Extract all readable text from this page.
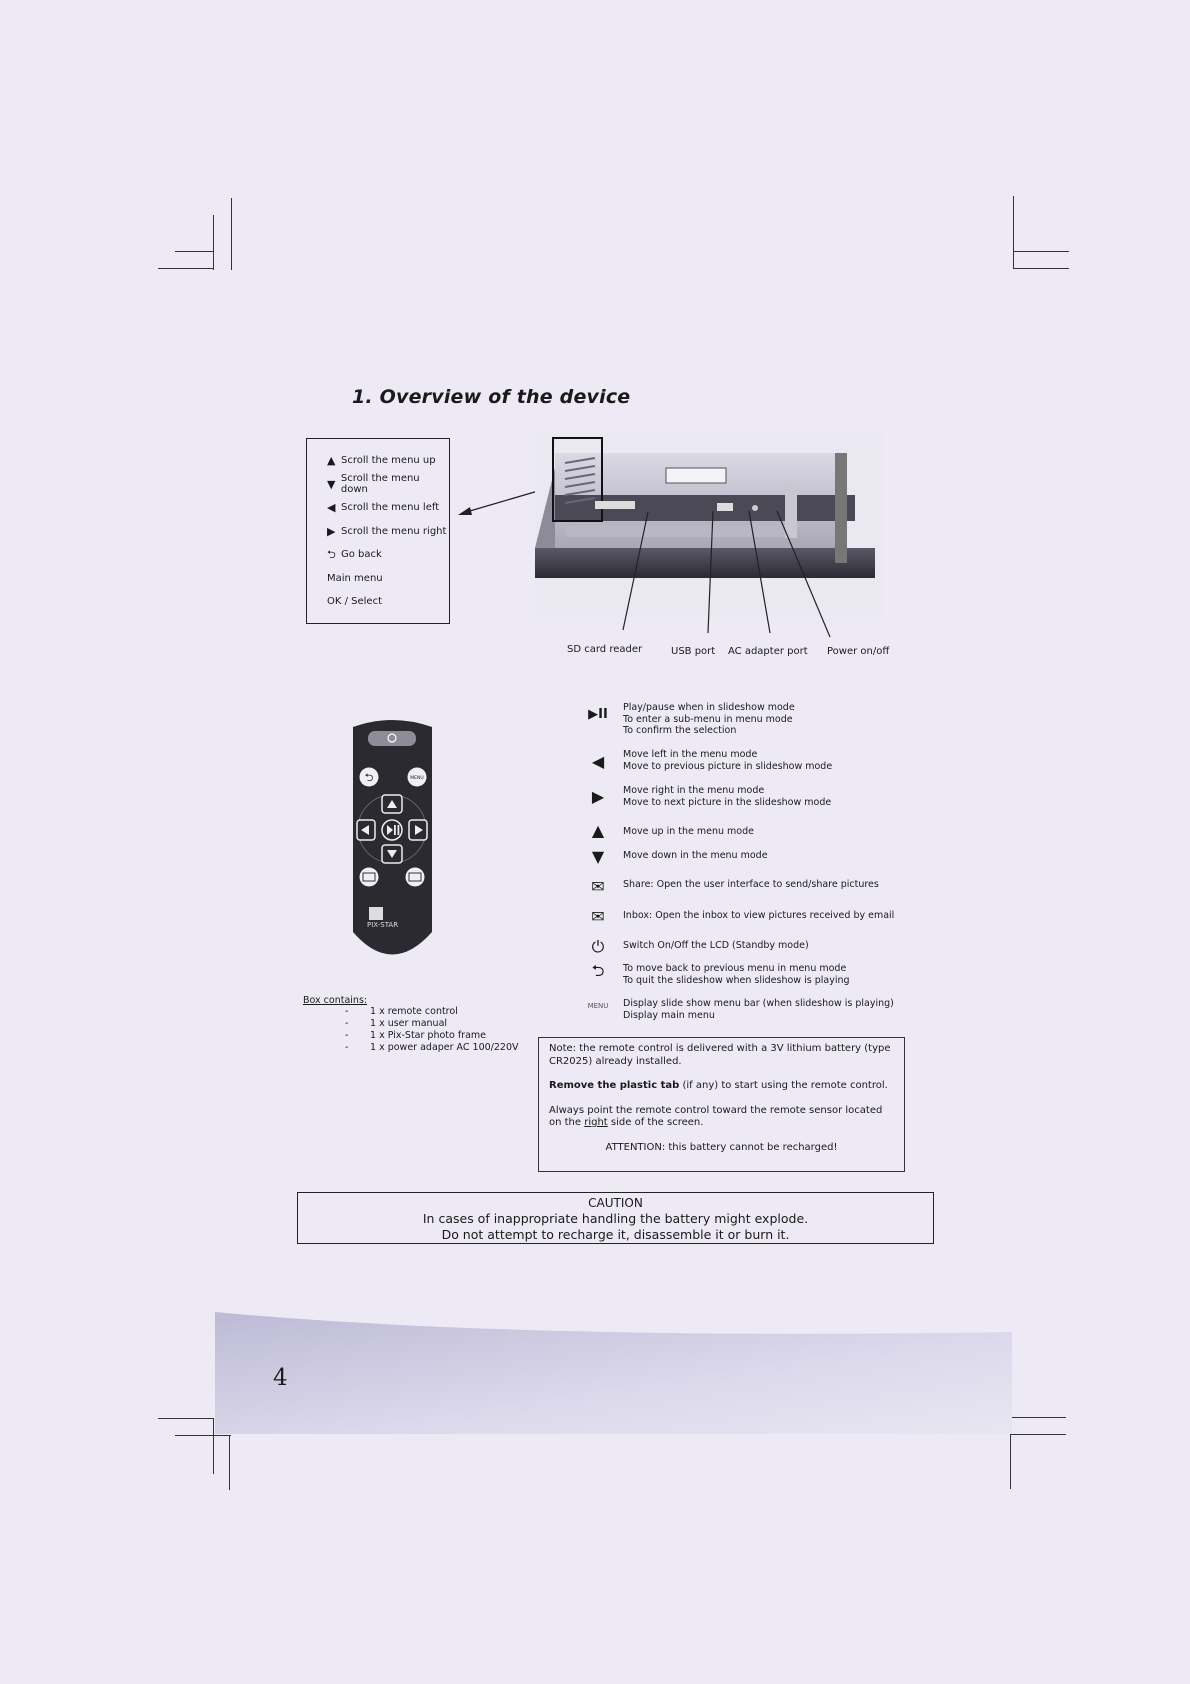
1. Overview of the device
▲ Scroll the menu up
▼ Scroll the menu down
◀ Scroll the menu left
▶ Scroll the menu right
⮌ Go back
Main menu
OK / Select
SD card reader	USB port AC adapter port Power on/off
⮌	MENU
PIX-STAR
▶II Play/pause when in slideshow mode
To enter a sub-menu in menu mode
To confirm the selection
◀	Move left in the menu mode
Move to previous picture in slideshow mode
▶	Move right in the menu mode
Move to next picture in the slideshow mode
▲	Move up in the menu mode
▼	Move down in the menu mode
✉	Share: Open the user interface to send/share pictures
✉	Inbox: Open the inbox to view pictures received by email
⏻	Switch On/Off the LCD (Standby mode)
⮌	To move back to previous menu in menu mode
To quit the slideshow when slideshow is playing
MENU Display slide show menu bar (when slideshow is playing)
Display main menu
Box contains:
-	1 x remote control
-	1 x user manual
-	1 x Pix-Star photo frame
-	1 x power adaper AC 100/220V	Note: the remote control is delivered with a 3V lithium battery (type CR2025) already installed.

Remove the plastic tab (if any) to start using the remote control.

Always point the remote control toward the remote sensor located on the right side of the screen.

ATTENTION: this battery cannot be recharged!

CAUTION
In cases of inappropriate handling the battery might explode.
Do not attempt to recharge it, disassemble it or burn it.
4
